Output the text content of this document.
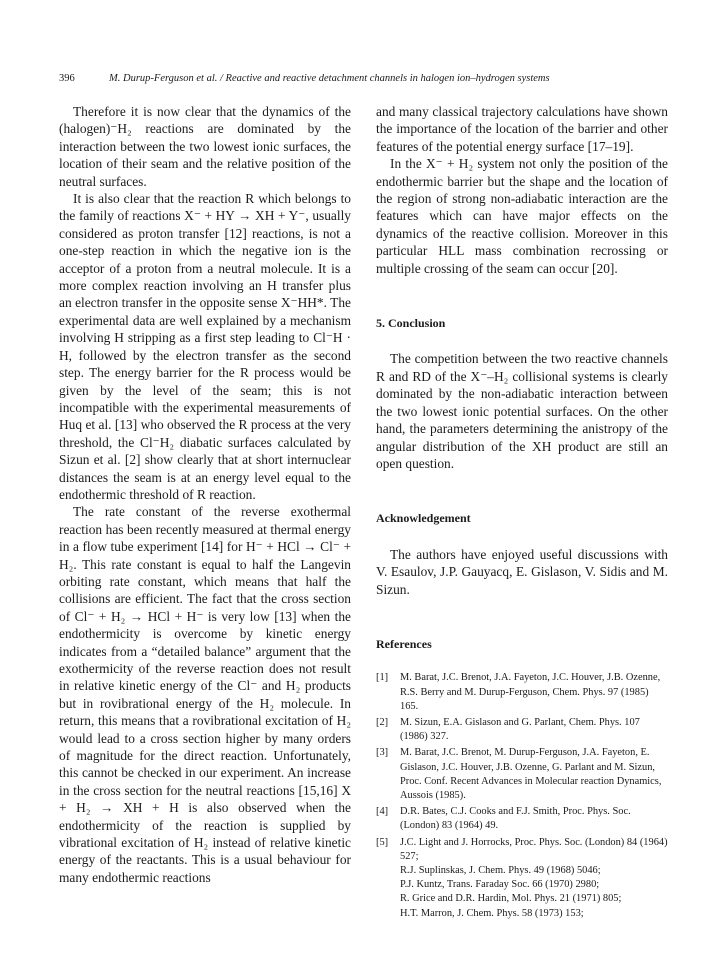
396	M. Durup-Ferguson et al. / Reactive and reactive detachment channels in halogen ion–hydrogen systems

Therefore it is now clear that the dynamics of the (halogen)⁻H₂ reactions are dominated by the interaction between the two lowest ionic surfaces, the location of their seam and the relative position of the neutral surfaces.

It is also clear that the reaction R which belongs to the family of reactions X⁻ + HY → XH + Y⁻, usually considered as proton transfer [12] reactions, is not a one-step reaction in which the negative ion is the acceptor of a proton from a neutral molecule. It is a more complex reaction involving an H transfer plus an electron transfer in the opposite sense X⁻HH*. The experimental data are well explained by a mechanism involving H stripping as a first step leading to Cl⁻H · H, followed by the electron transfer as the second step. The energy barrier for the R process would be given by the level of the seam; this is not incompatible with the experimental measurements of Huq et al. [13] who observed the R process at the very threshold, the Cl⁻H₂ diabatic surfaces calculated by Sizun et al. [2] show clearly that at short internuclear distances the seam is at an energy level equal to the endothermic threshold of R reaction.

The rate constant of the reverse exothermal reaction has been recently measured at thermal energy in a flow tube experiment [14] for H⁻ + HCl → Cl⁻ + H₂. This rate constant is equal to half the Langevin orbiting rate constant, which means that half the collisions are efficient. The fact that the cross section of Cl⁻ + H₂ → HCl + H⁻ is very low [13] when the endothermicity is overcome by kinetic energy indicates from a “detailed balance” argument that the exothermicity of the reverse reaction does not result in relative kinetic energy of the Cl⁻ and H₂ products but in rovibrational energy of the H₂ molecule. In return, this means that a rovibrational excitation of H₂ would lead to a cross section higher by many orders of magnitude for the direct reaction. Unfortunately, this cannot be checked in our experiment. An increase in the cross section for the neutral reactions [15,16] X + H₂ → XH + H is also observed when the endothermicity of the reaction is supplied by vibrational excitation of H₂ instead of relative kinetic energy of the reactants. This is a usual behaviour for many endothermic reactions

and many classical trajectory calculations have shown the importance of the location of the barrier and other features of the potential energy surface [17–19].

In the X⁻ + H₂ system not only the position of the endothermic barrier but the shape and the location of the region of strong non-adiabatic interaction are the features which can have major effects on the dynamics of the reactive collision. Moreover in this particular HLL mass combination recrossing or multiple crossing of the seam can occur [20].

5. Conclusion

The competition between the two reactive channels R and RD of the X⁻–H₂ collisional systems is clearly dominated by the non-adiabatic interaction between the two lowest ionic potential surfaces. On the other hand, the parameters determining the anistropy of the angular distribution of the XH product are still an open question.

Acknowledgement

The authors have enjoyed useful discussions with V. Esaulov, J.P. Gauyacq, E. Gislason, V. Sidis and M. Sizun.

References
[1] M. Barat, J.C. Brenot, J.A. Fayeton, J.C. Houver, J.B. Ozenne, R.S. Berry and M. Durup-Ferguson, Chem. Phys. 97 (1985) 165.
[2] M. Sizun, E.A. Gislason and G. Parlant, Chem. Phys. 107 (1986) 327.
[3] M. Barat, J.C. Brenot, M. Durup-Ferguson, J.A. Fayeton, E. Gislason, J.C. Houver, J.B. Ozenne, G. Parlant and M. Sizun, Proc. Conf. Recent Advances in Molecular reaction Dynamics, Aussois (1985).
[4] D.R. Bates, C.J. Cooks and F.J. Smith, Proc. Phys. Soc. (London) 83 (1964) 49.
[5] J.C. Light and J. Horrocks, Proc. Phys. Soc. (London) 84 (1964) 527;
R.J. Suplinskas, J. Chem. Phys. 49 (1968) 5046;
P.J. Kuntz, Trans. Faraday Soc. 66 (1970) 2980;
R. Grice and D.R. Hardin, Mol. Phys. 21 (1971) 805;
H.T. Marron, J. Chem. Phys. 58 (1973) 153;
